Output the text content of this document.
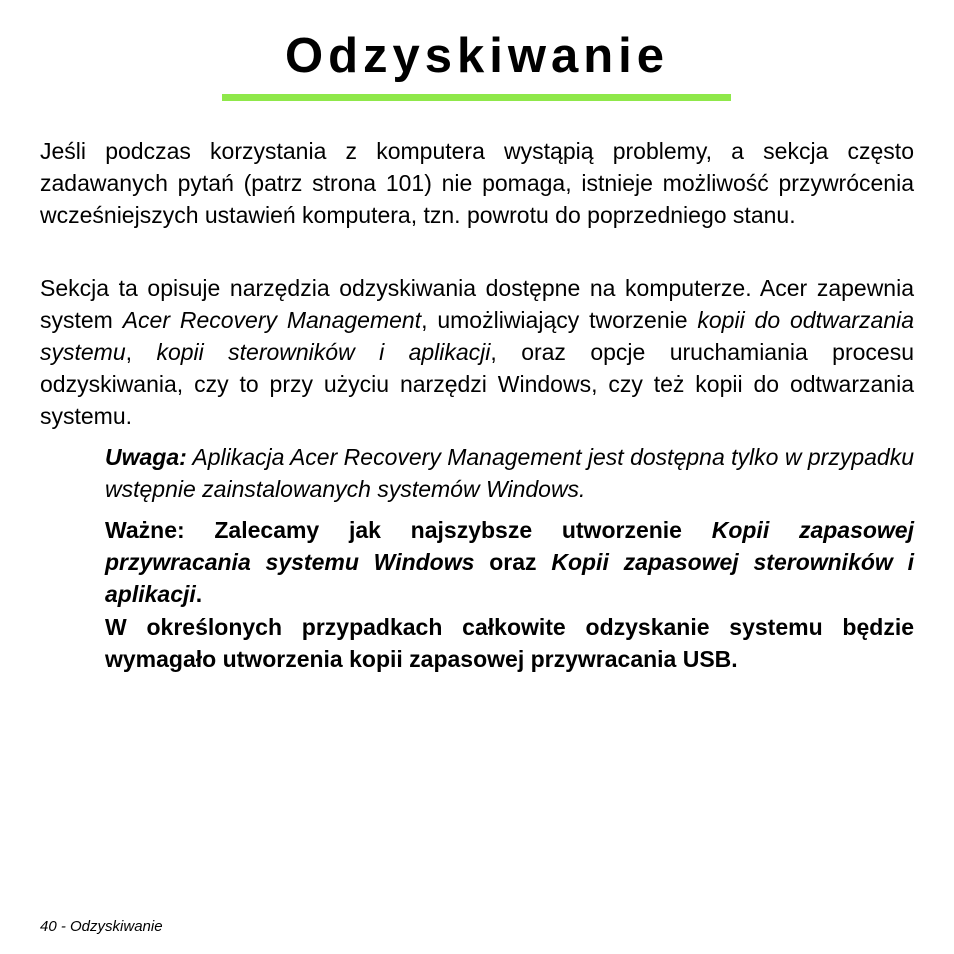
Odzyskiwanie

Jeśli podczas korzystania z komputera wystąpią problemy, a sekcja często zadawanych pytań (patrz strona 101) nie pomaga, istnieje możliwość przywrócenia wcześniejszych ustawień komputera, tzn. powrotu do poprzedniego stanu.

Sekcja ta opisuje narzędzia odzyskiwania dostępne na komputerze. Acer zapewnia system Acer Recovery Management, umożliwiający tworzenie kopii do odtwarzania systemu, kopii sterowników i aplikacji, oraz opcje uruchamiania procesu odzyskiwania, czy to przy użyciu narzędzi Windows, czy też kopii do odtwarzania systemu.

Uwaga: Aplikacja Acer Recovery Management jest dostępna tylko w przypadku wstępnie zainstalowanych systemów Windows.

Ważne: Zalecamy jak najszybsze utworzenie Kopii zapasowej przywracania systemu Windows oraz Kopii zapasowej sterowników i aplikacji.

W określonych przypadkach całkowite odzyskanie systemu będzie wymagało utworzenia kopii zapasowej przywracania USB.

40 - Odzyskiwanie
